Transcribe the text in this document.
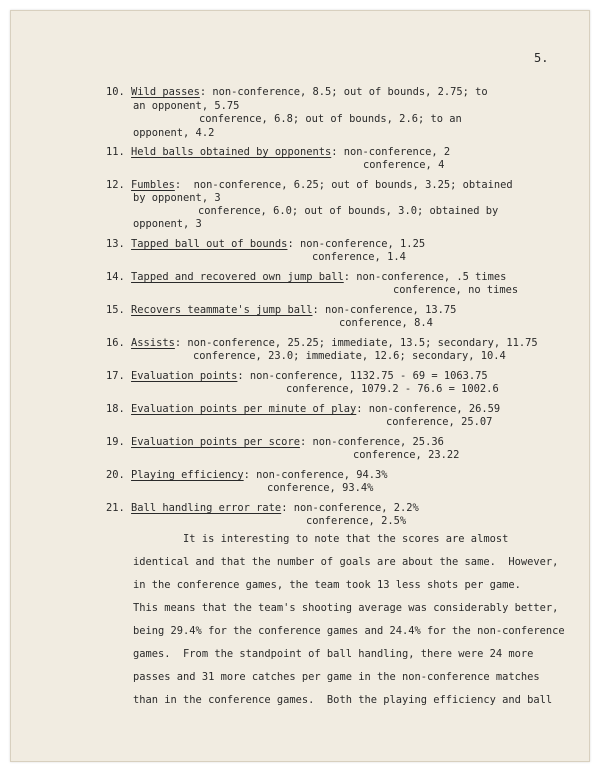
5.
10. Wild passes: non-conference, 8.5; out of bounds, 2.75; to
an opponent, 5.75
conference, 6.8; out of bounds, 2.6; to an
opponent, 4.2
11. Held balls obtained by opponents: non-conference, 2
conference, 4
12. Fumbles:  non-conference, 6.25; out of bounds, 3.25; obtained
by opponent, 3
conference, 6.0; out of bounds, 3.0; obtained by
opponent, 3
13. Tapped ball out of bounds: non-conference, 1.25
conference, 1.4
14. Tapped and recovered own jump ball: non-conference, .5 times
conference, no times
15. Recovers teammate's jump ball: non-conference, 13.75
conference, 8.4
16. Assists: non-conference, 25.25; immediate, 13.5; secondary, 11.75
conference, 23.0; immediate, 12.6; secondary, 10.4
17. Evaluation points: non-conference, 1132.75 - 69 = 1063.75
conference, 1079.2 - 76.6 = 1002.6
18. Evaluation points per minute of play: non-conference, 26.59
conference, 25.07
19. Evaluation points per score: non-conference, 25.36
conference, 23.22
20. Playing efficiency: non-conference, 94.3%
conference, 93.4%
21. Ball handling error rate: non-conference, 2.2%
conference, 2.5%
It is interesting to note that the scores are almost
identical and that the number of goals are about the same.  However,
in the conference games, the team took 13 less shots per game.
This means that the team's shooting average was considerably better,
being 29.4% for the conference games and 24.4% for the non-conference
games.  From the standpoint of ball handling, there were 24 more
passes and 31 more catches per game in the non-conference matches
than in the conference games.  Both the playing efficiency and ball
